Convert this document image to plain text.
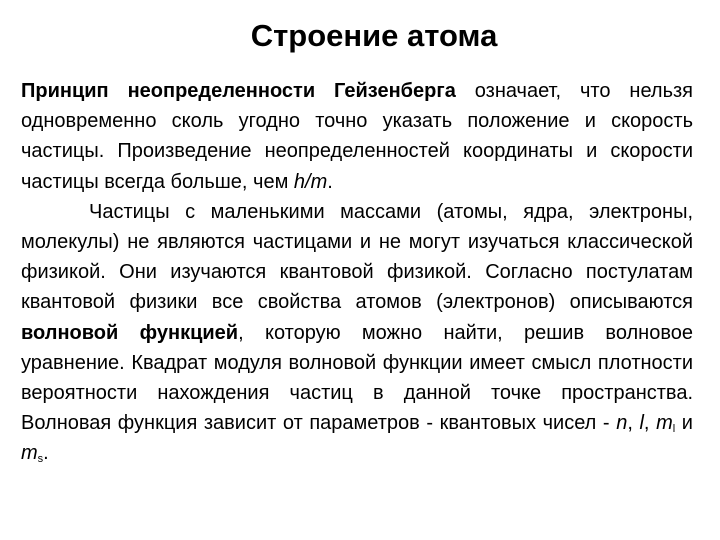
Строение атома

Принцип неопределенности Гейзенберга означает, что нельзя одновременно сколь угодно точно указать положение и скорость частицы. Произведение неопределенностей координаты и скорости частицы всегда больше, чем h/m.

Частицы с маленькими массами (атомы, ядра, электроны, молекулы) не являются частицами и не могут изучаться классической физикой. Они изучаются квантовой физикой. Согласно постулатам квантовой физики все свойства атомов (электронов) описываются волновой функцией, которую можно найти, решив волновое уравнение. Квадрат модуля волновой функции имеет смысл плотности вероятности нахождения частиц в данной точке пространства. Волновая функция зависит от параметров - квантовых чисел - n, l, $m_l$ и $m_s$.
